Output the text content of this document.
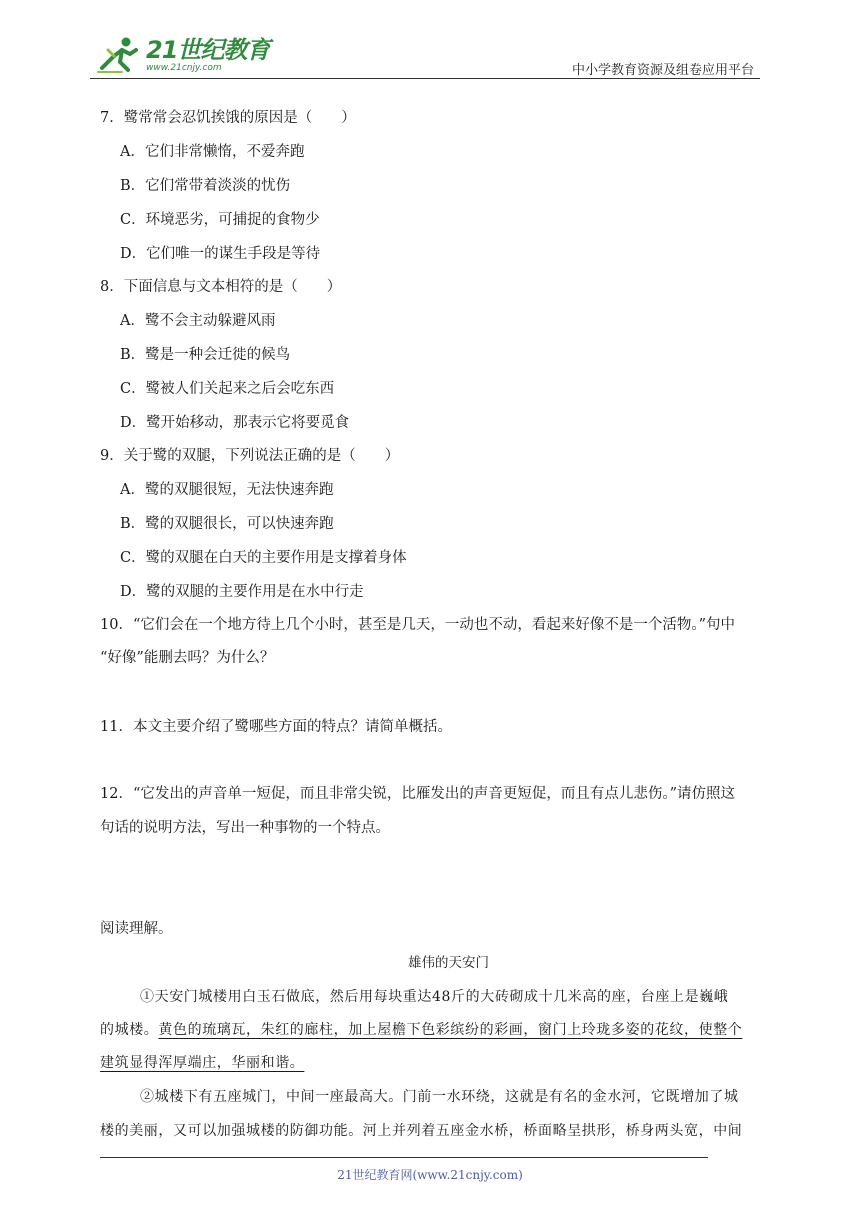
21世纪教育
www.21cnjy.com	中小学教育资源及组卷应用平台
7．鹭常常会忍饥挨饿的原因是（　　）
A．它们非常懒惰，不爱奔跑
B．它们常带着淡淡的忧伤
C．环境恶劣，可捕捉的食物少
D．它们唯一的谋生手段是等待
8．下面信息与文本相符的是（　　）
A．鹭不会主动躲避风雨
B．鹭是一种会迁徙的候鸟
C．鹭被人们关起来之后会吃东西
D．鹭开始移动，那表示它将要觅食
9．关于鹭的双腿，下列说法正确的是（　　）
A．鹭的双腿很短，无法快速奔跑
B．鹭的双腿很长，可以快速奔跑
C．鹭的双腿在白天的主要作用是支撑着身体
D．鹭的双腿的主要作用是在水中行走
10．“它们会在一个地方待上几个小时，甚至是几天，一动也不动，看起来好像不是一个活物。”句中
“好像”能删去吗？为什么？
11．本文主要介绍了鹭哪些方面的特点？请简单概括。
12．“它发出的声音单一短促，而且非常尖锐，比雁发出的声音更短促，而且有点儿悲伤。”请仿照这
句话的说明方法，写出一种事物的一个特点。
阅读理解。
雄伟的天安门
①天安门城楼用白玉石做底，然后用每块重达48斤的大砖砌成十几米高的座，台座上是巍峨
的城楼。黄色的琉璃瓦，朱红的廊柱，加上屋檐下色彩缤纷的彩画，窗门上玲珑多姿的花纹，使整个
建筑显得浑厚端庄，华丽和谐。
②城楼下有五座城门，中间一座最高大。门前一水环绕，这就是有名的金水河，它既增加了城
楼的美丽，又可以加强城楼的防御功能。河上并列着五座金水桥，桥面略呈拱形，桥身两头宽，中间
21世纪教育网(www.21cnjy.com)
